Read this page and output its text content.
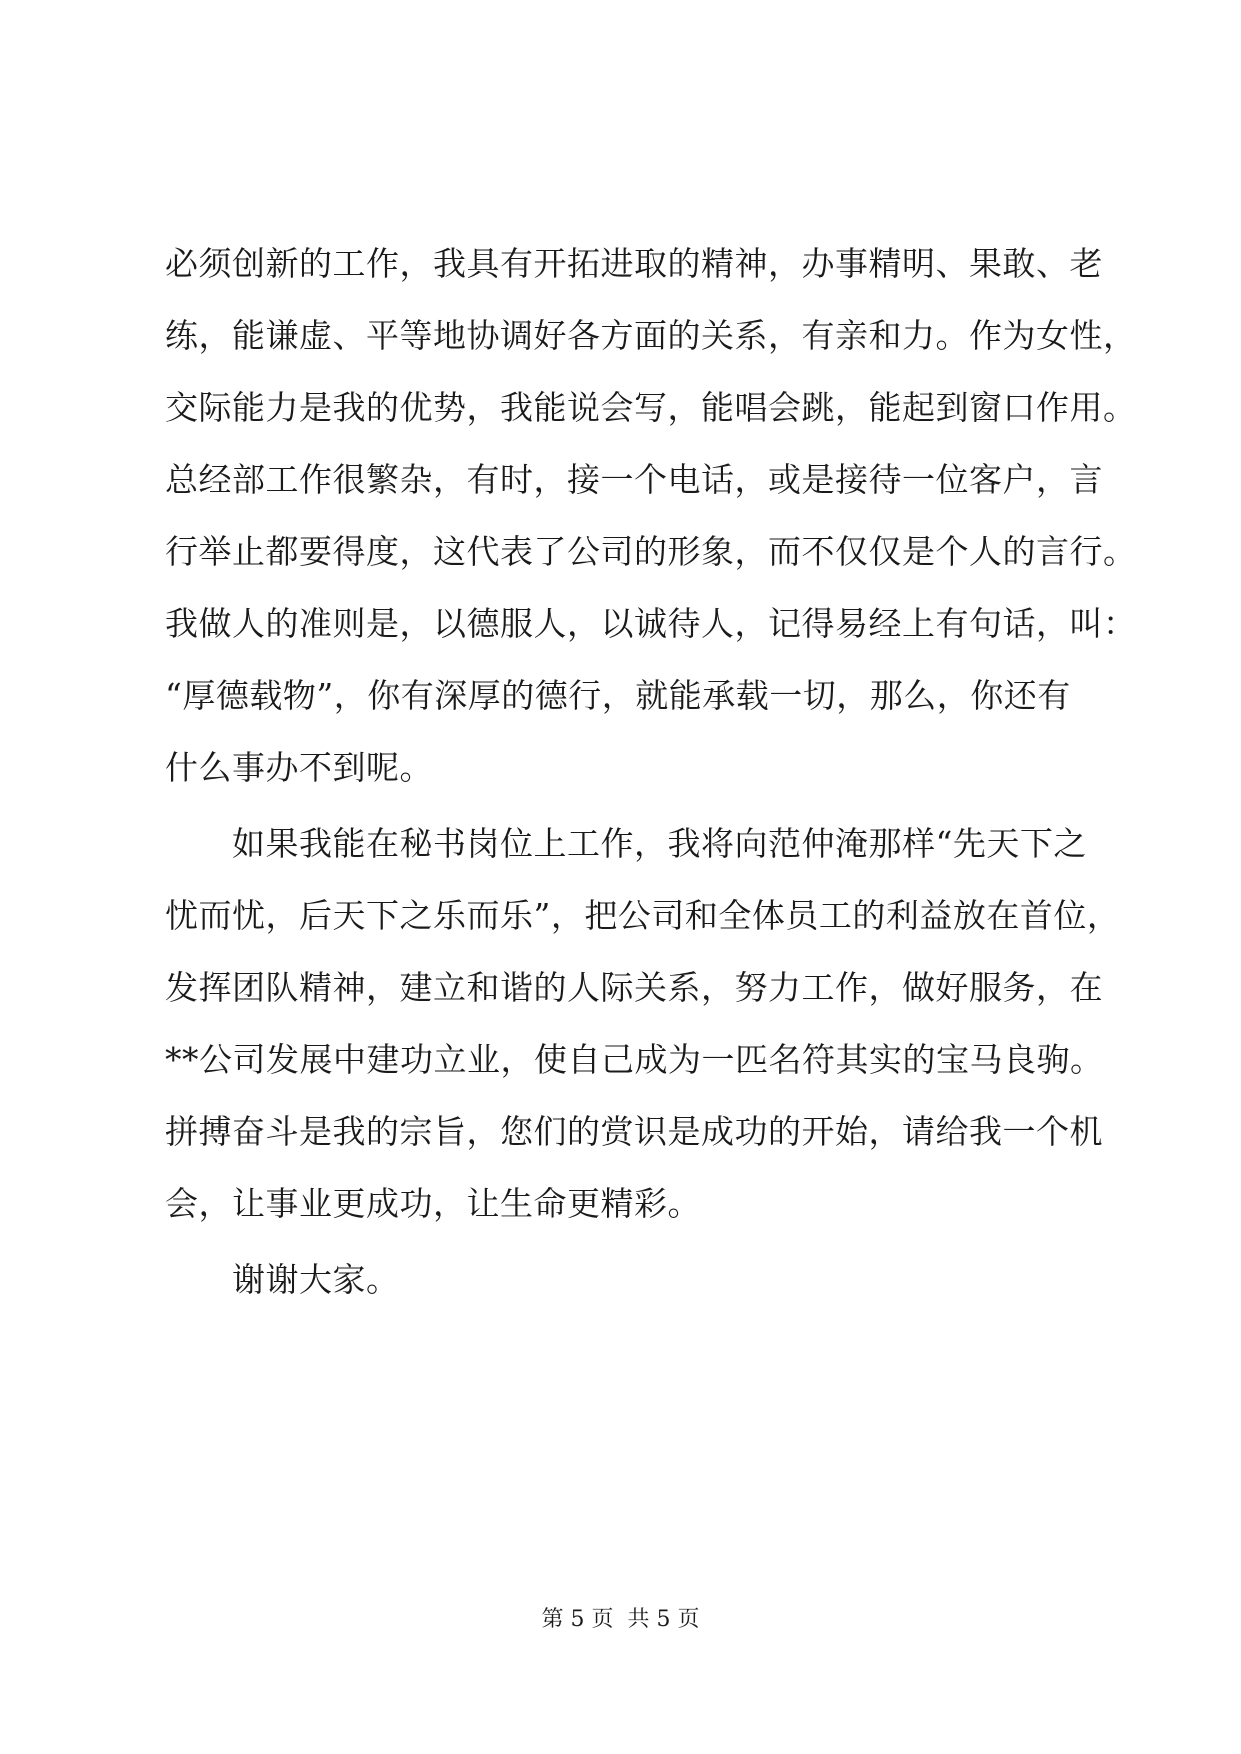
必须创新的工作，我具有开拓进取的精神，办事精明、果敢、老
练，能谦虚、平等地协调好各方面的关系，有亲和力。作为女性，
交际能力是我的优势，我能说会写，能唱会跳，能起到窗口作用。
总经部工作很繁杂，有时，接一个电话，或是接待一位客户，言
行举止都要得度，这代表了公司的形象，而不仅仅是个人的言行。
我做人的准则是，以德服人，以诚待人，记得易经上有句话，叫：
“厚德载物”，你有深厚的德行，就能承载一切，那么，你还有
什么事办不到呢。
如果我能在秘书岗位上工作，我将向范仲淹那样“先天下之
忧而忧，后天下之乐而乐”，把公司和全体员工的利益放在首位，
发挥团队精神，建立和谐的人际关系，努力工作，做好服务，在
**公司发展中建功立业，使自己成为一匹名符其实的宝马良驹。
拼搏奋斗是我的宗旨，您们的赏识是成功的开始，请给我一个机
会，让事业更成功，让生命更精彩。
谢谢大家。
第 5 页  共 5 页
